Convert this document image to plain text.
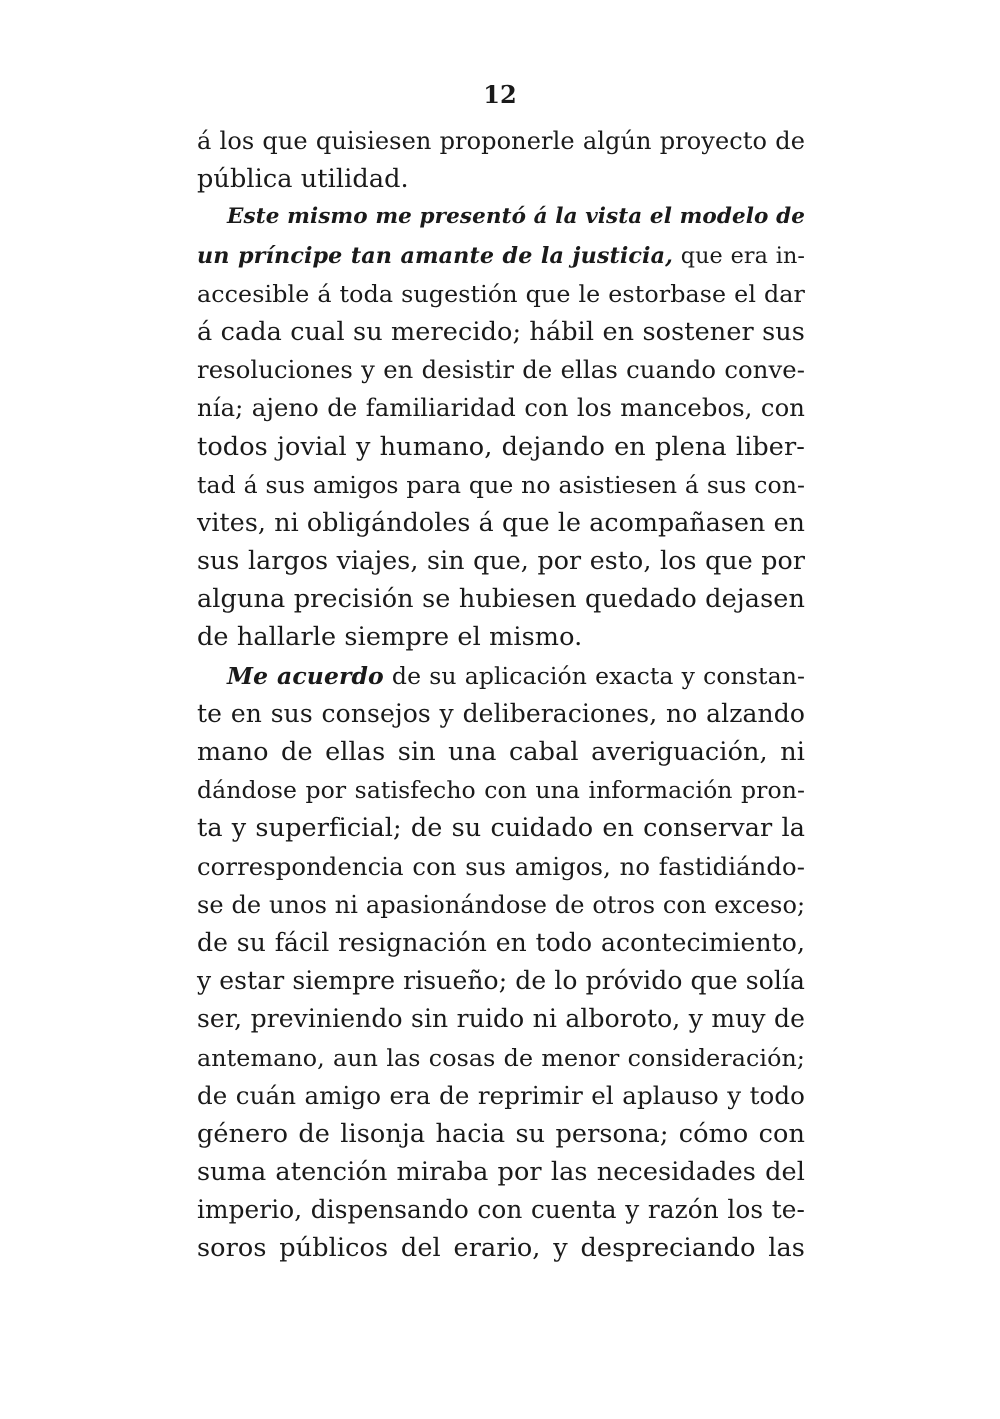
12
á los que quisiesen proponerle algún proyecto de
pública utilidad.
Este mismo me presentó á la vista el modelo de
un príncipe tan amante de la justicia, que era in-
accesible á toda sugestión que le estorbase el dar
á cada cual su merecido; hábil en sostener sus
resoluciones y en desistir de ellas cuando conve-
nía; ajeno de familiaridad con los mancebos, con
todos jovial y humano, dejando en plena liber-
tad á sus amigos para que no asistiesen á sus con-
vites, ni obligándoles á que le acompañasen en
sus largos viajes, sin que, por esto, los que por
alguna precisión se hubiesen quedado dejasen
de hallarle siempre el mismo.
Me acuerdo de su aplicación exacta y constan-
te en sus consejos y deliberaciones, no alzando
mano de ellas sin una cabal averiguación, ni
dándose por satisfecho con una información pron-
ta y superficial; de su cuidado en conservar la
correspondencia con sus amigos, no fastidiándo-
se de unos ni apasionándose de otros con exceso;
de su fácil resignación en todo acontecimiento,
y estar siempre risueño; de lo próvido que solía
ser, previniendo sin ruido ni alboroto, y muy de
antemano, aun las cosas de menor consideración;
de cuán amigo era de reprimir el aplauso y todo
género de lisonja hacia su persona; cómo con
suma atención miraba por las necesidades del
imperio, dispensando con cuenta y razón los te-
soros públicos del erario, y despreciando las
